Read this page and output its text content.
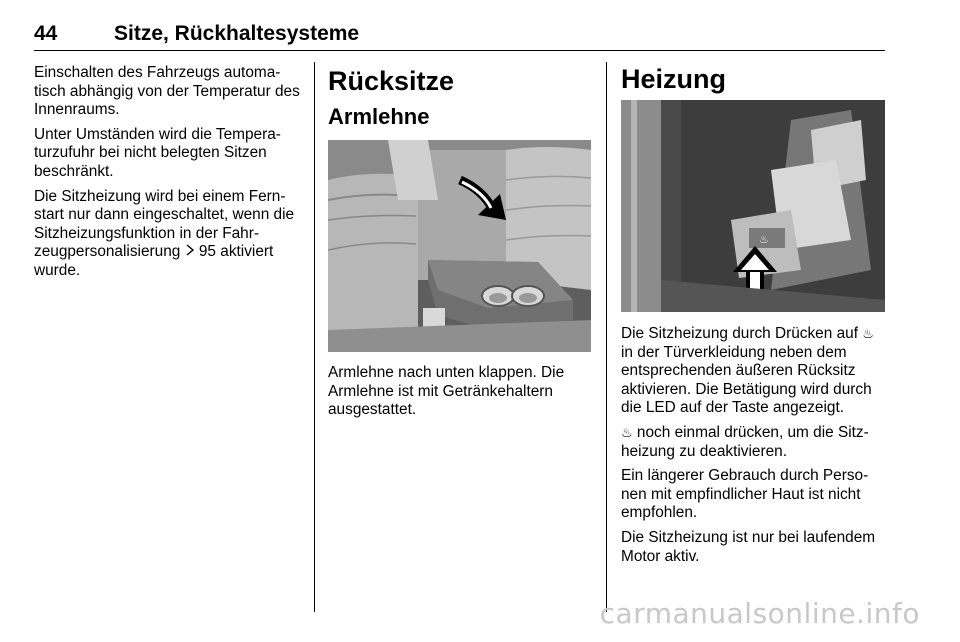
44	Sitze, Rückhaltesysteme

Einschalten des Fahrzeugs automa-tisch abhängig von der Temperatur des Innenraums.

Unter Umständen wird die Tempera-turzufuhr bei nicht belegten Sitzen beschränkt.

Die Sitzheizung wird bei einem Fern-start nur dann eingeschaltet, wenn die Sitzheizungsfunktion in der Fahr-zeugpersonalisierung  95 aktiviert wurde.

Rücksitze
Armlehne
Armlehne nach unten klappen. Die Armlehne ist mit Getränkehaltern ausgestattet.
Heizung
♨

Die Sitzheizung durch Drücken auf ♨ in der Türverkleidung neben dem entsprechenden äußeren Rücksitz aktivieren. Die Betätigung wird durch die LED auf der Taste angezeigt.

♨ noch einmal drücken, um die Sitz-heizung zu deaktivieren.

Ein längerer Gebrauch durch Perso-nen mit empfindlicher Haut ist nicht empfohlen.

Die Sitzheizung ist nur bei laufendem Motor aktiv.

carmanualsonline.info
